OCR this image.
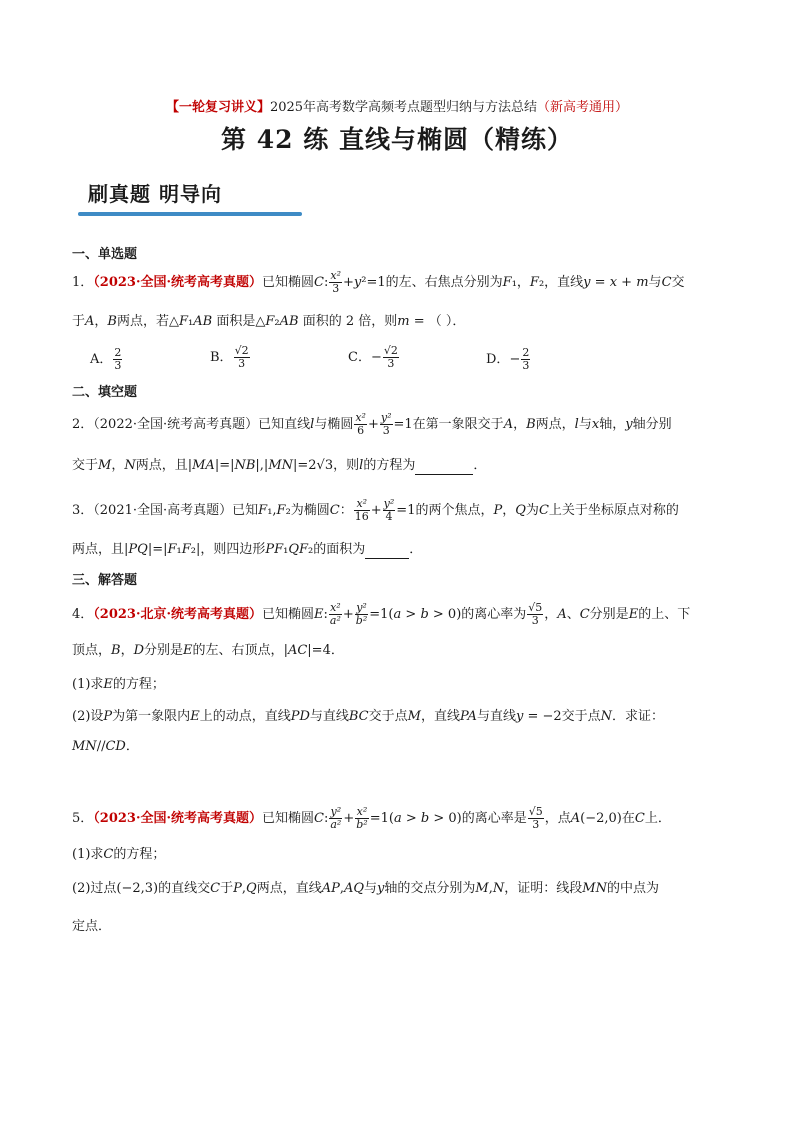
【一轮复习讲义】2025年高考数学高频考点题型归纳与方法总结（新高考通用）
第 42 练 直线与椭圆（精练）
刷真题 明导向
一、单选题
1．（2023·全国·统考高考真题）已知椭圆C: $\frac{\text{x²}}{3} +y^2=1$的左、右焦点分别为F₁，F₂，直线y = x + m与C交
于A，B两点，若△F₁AB 面积是△F₂AB 面积的 2 倍，则m = （ ）．
A． $\frac{2}{3}$	B． $\frac{√2}{3}$	C．− $\frac{√2}{3}$	D．− $\frac{2}{3}$
二、填空题
2．（2022·全国·统考高考真题）已知直线l与椭圆 $\frac{\text{x²}}{6} + \frac{\text{y²}}{3} =1$在第一象限交于A，B两点，l与x轴，y轴分别
交于M，N两点，且|MA|=|NB|,|MN|=2√3，则l的方程为	．
3．（2021·全国·高考真题）已知F₁,F₂为椭圆C： $\frac{\text{x²}}{16} + \frac{\text{y²}}{4} =1$的两个焦点，P，Q为C上关于坐标原点对称的
两点，且|PQ|=|F₁F₂|，则四边形PF₁QF₂的面积为	．
三、解答题
4．（2023·北京·统考高考真题）已知椭圆E: $\frac{\text{x²}}{\text{a²}} + \frac{\text{y²}}{\text{b²}} =1(a > b > 0)$的离心率为 $\frac{√5}{3}$ ，A、C分别是E的上、下
顶点，B，D分别是E的左、右顶点，|AC|=4．
(1)求E的方程；
(2)设P为第一象限内E上的动点，直线PD与直线BC交于点M，直线PA与直线y = −2交于点N．求证：
MN//CD．
5．（2023·全国·统考高考真题）已知椭圆C: $\frac{\text{y²}}{\text{a²}} + \frac{\text{x²}}{\text{b²}} =1(a > b > 0)$的离心率是 $\frac{√5}{3}$ ，点A(−2,0)在C上．
(1)求C的方程；
(2)过点(−2,3)的直线交C于P,Q两点，直线AP,AQ与y轴的交点分别为M,N，证明：线段MN的中点为
定点．
